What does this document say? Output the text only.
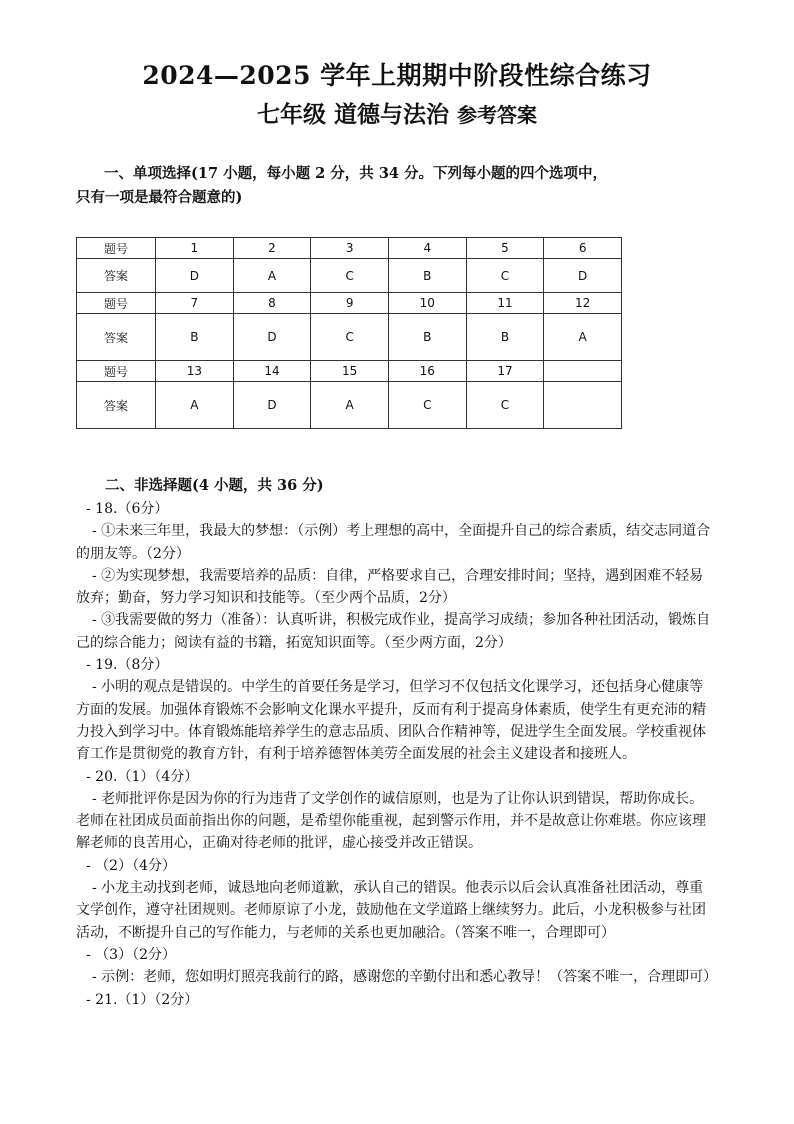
2024—2025 学年上期期中阶段性综合练习
七年级 道德与法治 参考答案
一、单项选择(17 小题，每小题 2 分，共 34 分。下列每小题的四个选项中，
只有一项是最符合题意的)
题号	1	2	3	4	5	6
答案	D	A	C	B	C	D
题号	7	8	9	10	11	12
答案	B	D	C	B	B	A
题号	13	14	15	16	17	
答案	A	D	A	C	C	
二、非选择题(4 小题，共 36 分)

- 18.（6分）

- ①未来三年里，我最大的梦想：（示例）考上理想的高中，全面提升自己的综合素质，结交志同道合的朋友等。（2分）

- ②为实现梦想，我需要培养的品质：自律，严格要求自己，合理安排时间；坚持，遇到困难不轻易放弃；勤奋，努力学习知识和技能等。（至少两个品质，2分）

- ③我需要做的努力（准备）：认真听讲，积极完成作业，提高学习成绩；参加各种社团活动，锻炼自己的综合能力；阅读有益的书籍，拓宽知识面等。（至少两方面，2分）

- 19.（8分）

- 小明的观点是错误的。中学生的首要任务是学习，但学习不仅包括文化课学习，还包括身心健康等方面的发展。加强体育锻炼不会影响文化课水平提升，反而有利于提高身体素质，使学生有更充沛的精力投入到学习中。体育锻炼能培养学生的意志品质、团队合作精神等，促进学生全面发展。学校重视体育工作是贯彻党的教育方针，有利于培养德智体美劳全面发展的社会主义建设者和接班人。

- 20.（1）（4分）

- 老师批评你是因为你的行为违背了文学创作的诚信原则，也是为了让你认识到错误，帮助你成长。老师在社团成员面前指出你的问题，是希望你能重视，起到警示作用，并不是故意让你难堪。你应该理解老师的良苦用心，正确对待老师的批评，虚心接受并改正错误。

- （2）（4分）

- 小龙主动找到老师，诚恳地向老师道歉，承认自己的错误。他表示以后会认真准备社团活动，尊重文学创作，遵守社团规则。老师原谅了小龙，鼓励他在文学道路上继续努力。此后，小龙积极参与社团活动，不断提升自己的写作能力，与老师的关系也更加融洽。（答案不唯一，合理即可）

- （3）（2分）

- 示例：老师，您如明灯照亮我前行的路，感谢您的辛勤付出和悉心教导！（答案不唯一，合理即可）

- 21.（1）（2分）
